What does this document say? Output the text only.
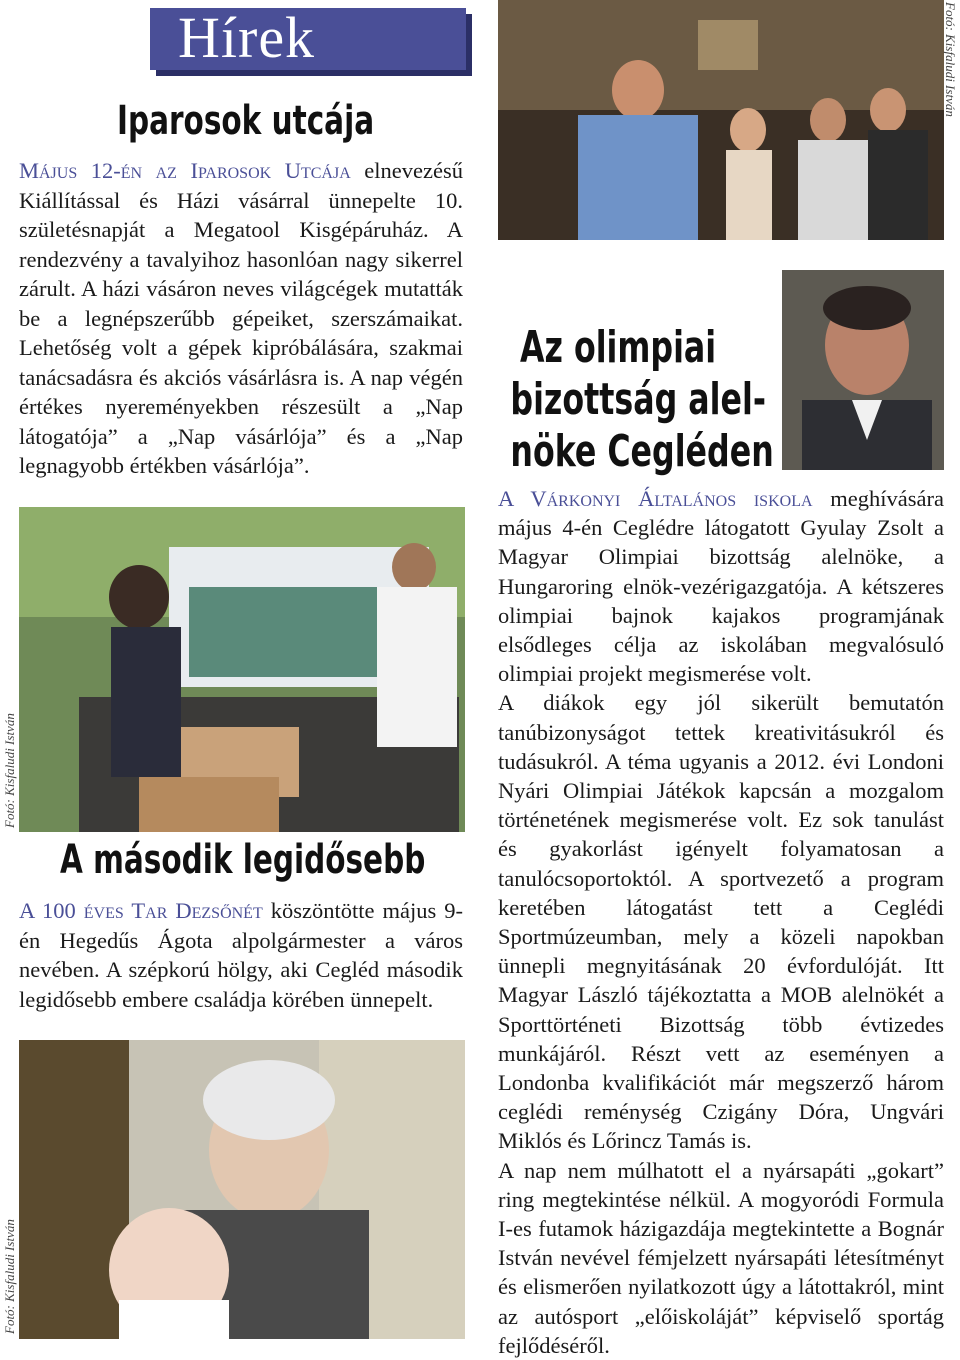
Hírek
Iparosok utcája

Május 12-én az Iparosok Utcája elnevezésű Kiállítással és Házi vásárral ünnepelte 10. születésnapját a Megatool Kisgépáruház. A rendezvény a tavalyihoz hasonlóan nagy sikerrel zárult. A házi vásáron neves világcégek mutatták be a legnépszerűbb gépeiket, szerszámaikat. Lehetőség volt a gépek kipróbálására, szakmai tanácsadásra és akciós vásárlásra is. A nap végén értékes nyereményekben részesült a „Nap látogatója” a „Nap vásárlója” és a „Nap legnagyobb értékben vásárlója”.

A második legidősebb

A 100 éves Tar Dezsőnét köszöntötte május 9-én Hegedűs Ágota alpolgármester a város nevében. A szépkorú hölgy, aki Cegléd második legidősebb embere családja körében ünnepelt.

Fotó: Kisfaludi István
Fotó: Kisfaludi István
Fotó: Kisfaludi István
Az olimpiai
bizottság alel-
nöke Cegléden

A Várkonyi Általános iskola meghívására május 4-én Ceglédre látogatott Gyulay Zsolt a Magyar Olimpiai bizottság alelnöke, a Hungaroring elnök-vezérigazgatója. A kétszeres olimpiai bajnok kajakos programjának elsődleges célja az iskolában megvalósuló olimpiai projekt megismerése volt.

A diákok egy jól sikerült bemutatón tanúbizonyságot tettek kreativitásukról és tudásukról. A téma ugyanis a 2012. évi Londoni Nyári Olimpiai Játékok kapcsán a mozgalom történetének megismerése volt. Ez sok tanulást és gyakorlást igényelt folyamatosan a tanulócsoportoktól. A sportvezető a program keretében látogatást tett a Ceglédi Sportmúzeumban, mely a közeli napokban ünnepli megnyitásának 20 évfordulóját. Itt Magyar László tájékoztatta a MOB alelnökét a Sporttörténeti Bizottság több évtizedes munkájáról. Részt vett az eseményen a Londonba kvalifikációt már megszerző három ceglédi reménység Czigány Dóra, Ungvári Miklós és Lőrincz Tamás is.

A nap nem múlhatott el a nyársapáti „gokart” ring megtekintése nélkül. A mogyoródi Formula I-es futamok házigazdája megtekintette a Bognár István nevével fémjelzett nyársapáti létesítményt és elismerően nyilatkozott úgy a látottakról, mint az autósport „előiskoláját” képviselő sportág fejlődéséről.
